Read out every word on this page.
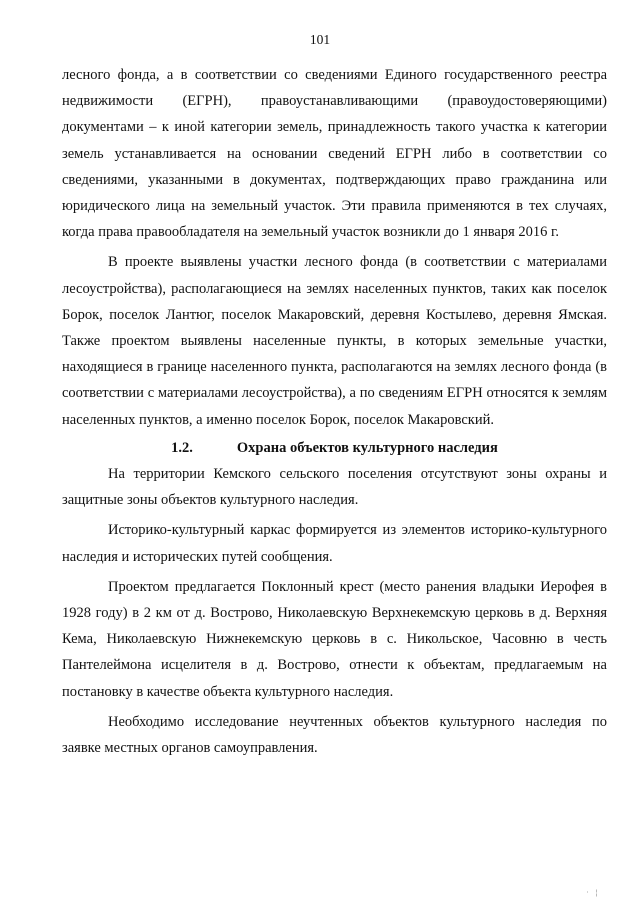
101

лесного фонда, а в соответствии со сведениями Единого государственного реестра недвижимости (ЕГРН), правоустанавливающими (правоудостоверяющими) документами – к иной категории земель, принадлежность такого участка к категории земель устанавливается на основании сведений ЕГРН либо в соответствии со сведениями, указанными в документах, подтверждающих право гражданина или юридического лица на земельный участок. Эти правила применяются в тех случаях, когда права правообладателя на земельный участок возникли до 1 января 2016 г.

В проекте выявлены участки лесного фонда (в соответствии с материалами лесоустройства), располагающиеся на землях населенных пунктов, таких как поселок Борок, поселок Лантюг, поселок Макаровский, деревня Костылево, деревня Ямская. Также проектом выявлены населенные пункты, в которых земельные участки, находящиеся в границе населенного пункта, располагаются на землях лесного фонда (в соответствии с материалами лесоустройства), а по сведениям ЕГРН относятся к землям населенных пунктов, а именно поселок Борок, поселок Макаровский.

1.2.	Охрана объектов культурного наследия

На территории Кемского сельского поселения отсутствуют зоны охраны и защитные зоны объектов культурного наследия.

Историко-культурный каркас формируется из элементов историко-культурного наследия и исторических путей сообщения.

Проектом предлагается Поклонный крест (место ранения владыки Иерофея в 1928 году) в 2 км от д. Вострово, Николаевскую Верхнекемскую церковь в д. Верхняя Кема, Николаевскую Нижнекемскую церковь в с. Никольское, Часовню в честь Пантелеймона исцелителя в д. Вострово, отнести к объектам, предлагаемым на постановку в качестве объекта культурного наследия.

Необходимо исследование неучтенных объектов культурного наследия по заявке местных органов самоуправления.

· ¦
